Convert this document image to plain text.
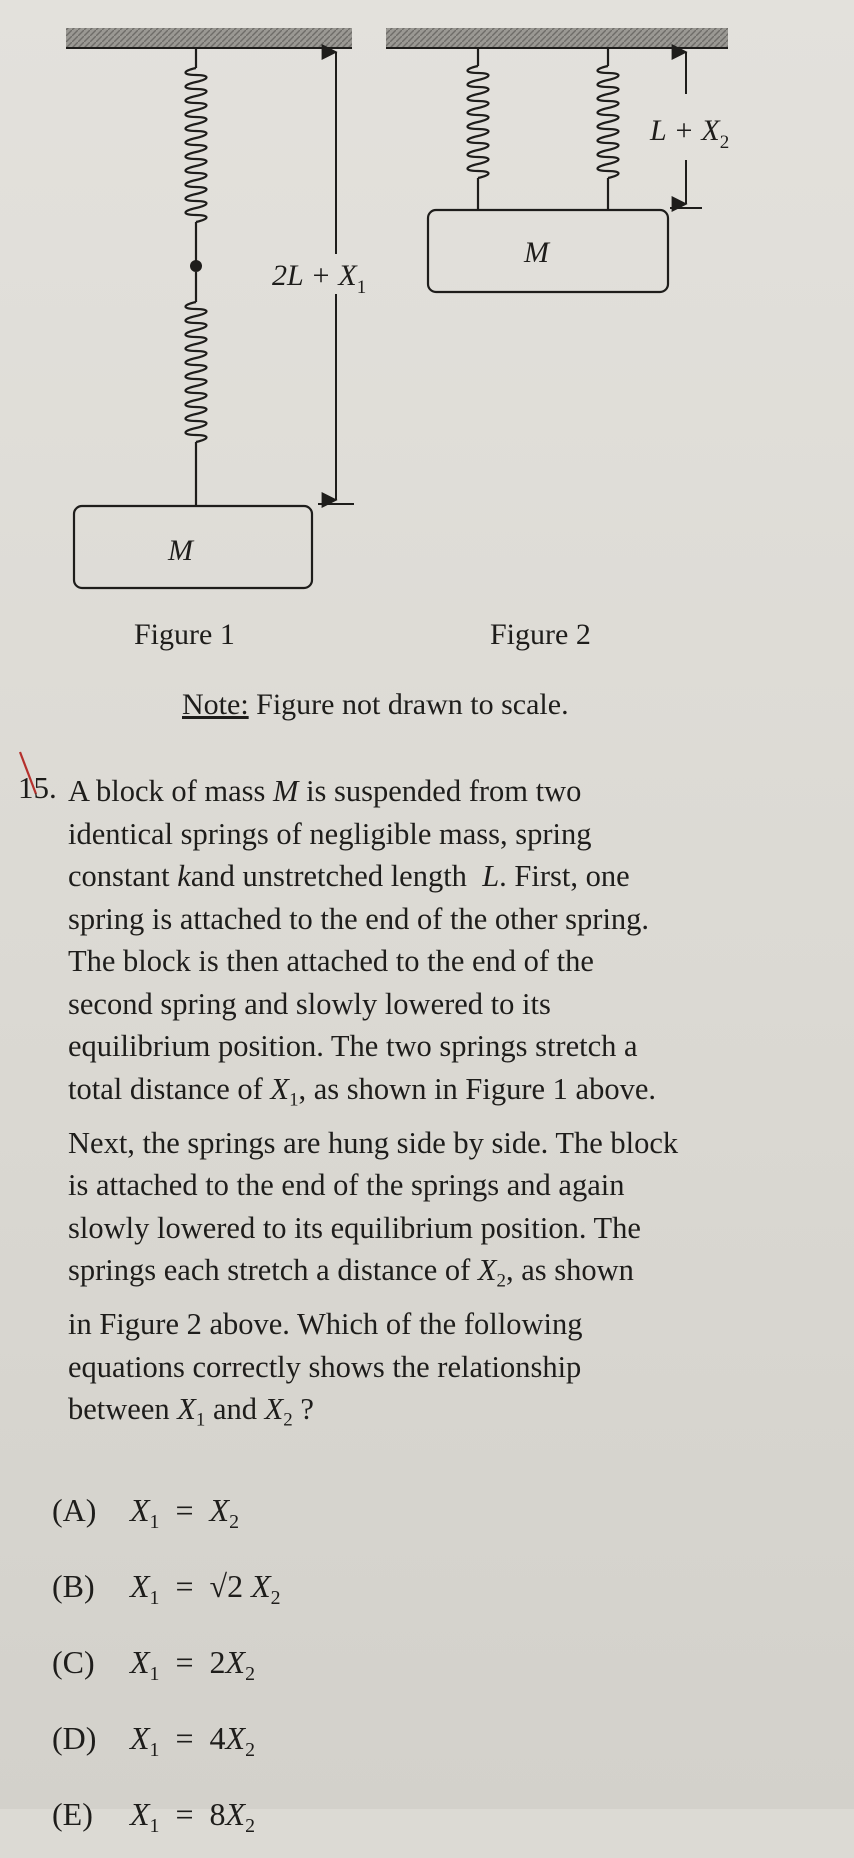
M
M
$2L + X_1$
$L + X_2$
Figure 1	Figure 2
Note: Figure not drawn to scale.
15. A block of mass M is suspended from two

identical springs of negligible mass, spring

constant kand unstretched length  L. First, one

spring is attached to the end of the other spring.

The block is then attached to the end of the

second spring and slowly lowered to its

equilibrium position. The two springs stretch a

total distance of $X_1$, as shown in Figure 1 above.

Next, the springs are hung side by side. The block

is attached to the end of the springs and again

slowly lowered to its equilibrium position. The

springs each stretch a distance of $X_2$, as shown

in Figure 2 above. Which of the following

equations correctly shows the relationship

between $X_1$ and $X_2$ ?

(A) $X_1 = X_2$
(B) $X_1 = √2$ $X_2$
(C) $X_1 = 2X_2$
(D) $X_1 = 4X_2$
(E) $X_1 = 8X_2$
